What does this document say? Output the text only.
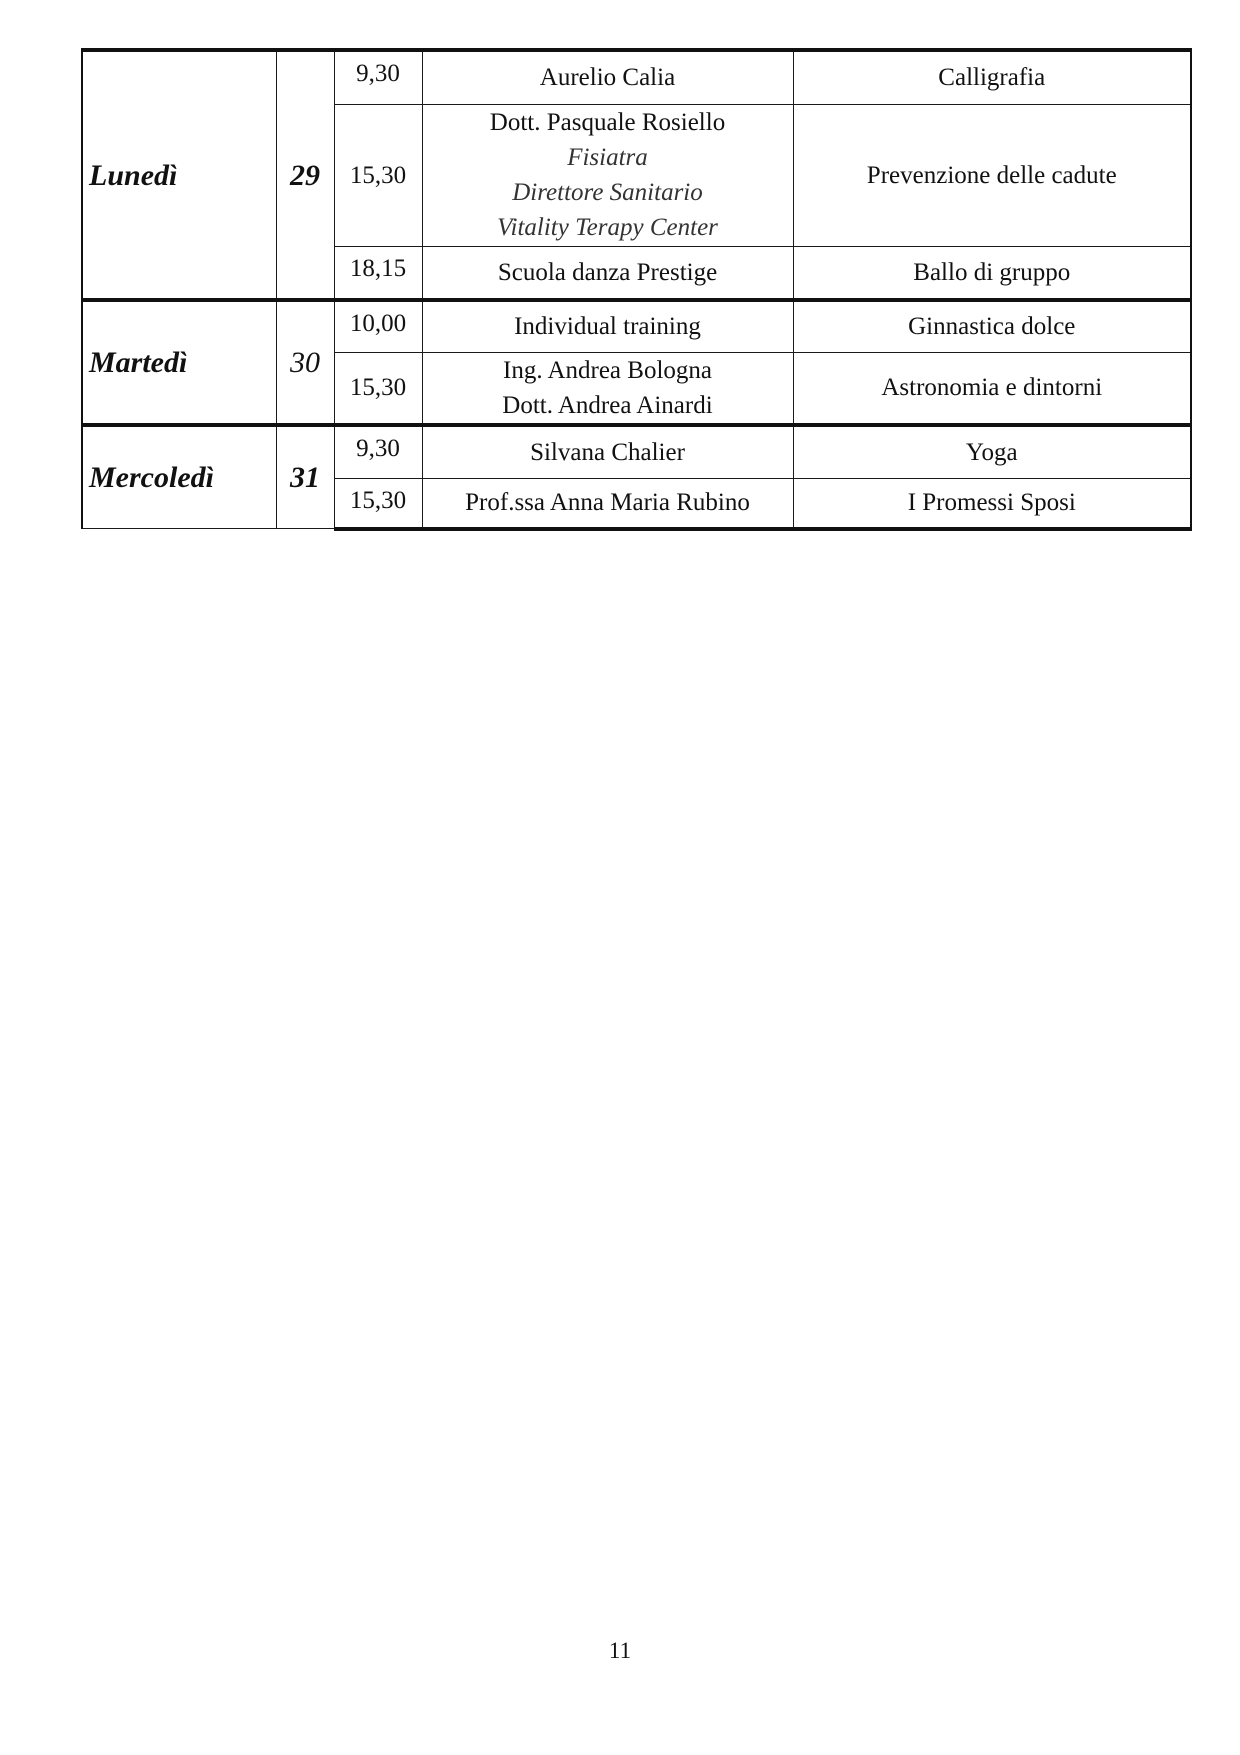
Lunedì	29	9,30	Aurelio Calia	Calligrafia
		15,30	Dott. Pasquale Rosiello
Fisiatra
Direttore Sanitario
Vitality Terapy Center	Prevenzione delle cadute
		18,15	Scuola danza Prestige	Ballo di gruppo
Martedì	30	10,00	Individual training	Ginnastica dolce
		15,30	Ing. Andrea Bologna
Dott. Andrea Ainardi	Astronomia e dintorni
Mercoledì	31	9,30	Silvana Chalier	Yoga
		15,30	Prof.ssa Anna Maria Rubino	I Promessi Sposi
11
